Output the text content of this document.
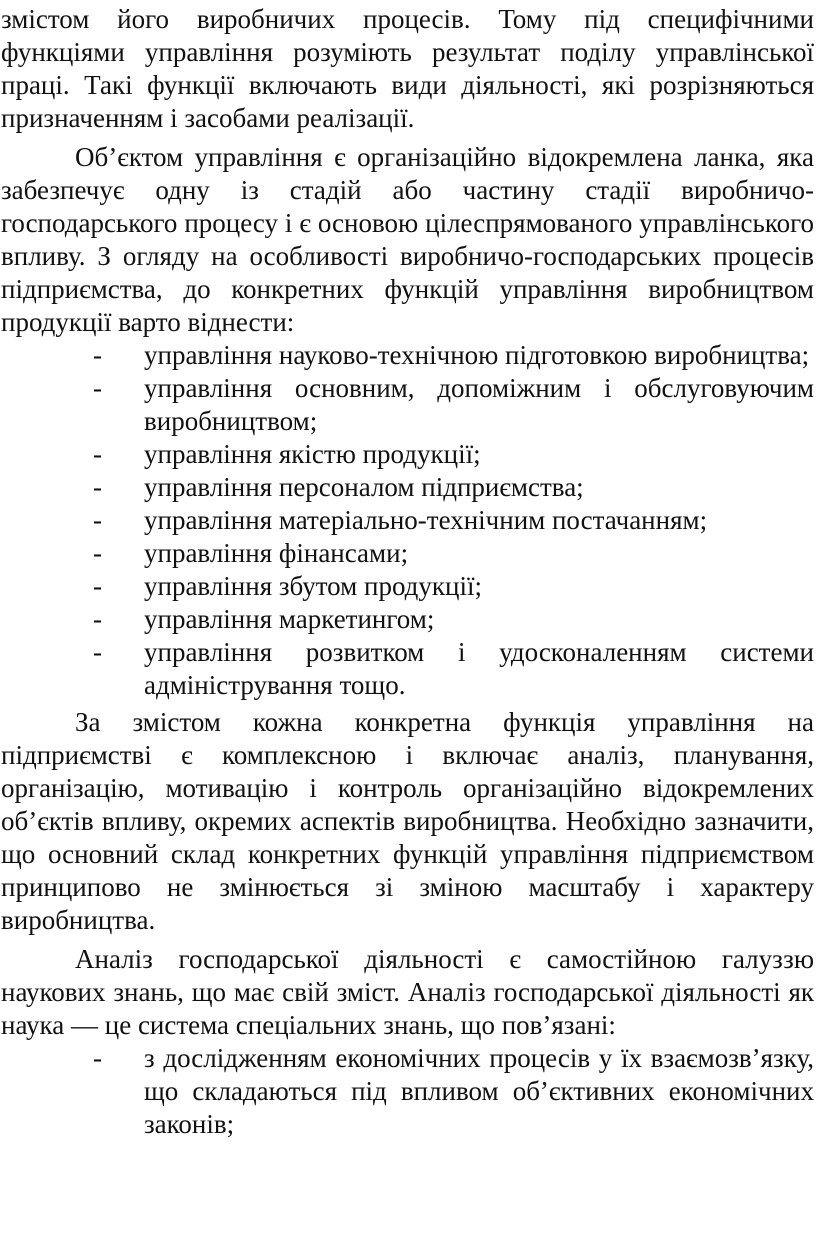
змістом його виробничих процесів. Тому під специфічними функціями управління розуміють результат поділу управлінської праці. Такі функції включають види діяльності, які розрізняються призначенням і засобами реалізації.

Об’єктом управління є організаційно відокремлена ланка, яка забезпечує одну із стадій або частину стадії виробничо-господарського процесу і є основою цілеспрямованого управлінського впливу. З огляду на особливості виробничо-господарських процесів підприємства, до конкретних функцій управління виробництвом продукції варто віднести:

- управління науково-технічною підготовкою виробництва;
- управління основним, допоміжним і обслуговуючим виробництвом;
- управління якістю продукції;
- управління персоналом підприємства;
- управління матеріально-технічним постачанням;
- управління фінансами;
- управління збутом продукції;
- управління маркетингом;
- управління розвитком і удосконаленням системи адміністрування тощо.

За змістом кожна конкретна функція управління на підприємстві є комплексною і включає аналіз, планування, організацію, мотивацію і контроль організаційно відокремлених об’єктів впливу, окремих аспектів виробництва. Необхідно зазначити, що основний склад конкретних функцій управління підприємством принципово не змінюється зі зміною масштабу і характеру виробництва.

Аналіз господарської діяльності є самостійною галуззю наукових знань, що має свій зміст. Аналіз господарської діяльності як наука — це система спеціальних знань, що пов’язані:

- з дослідженням економічних процесів у їх взаємозв’язку, що складаються під впливом об’єктивних економічних законів;
